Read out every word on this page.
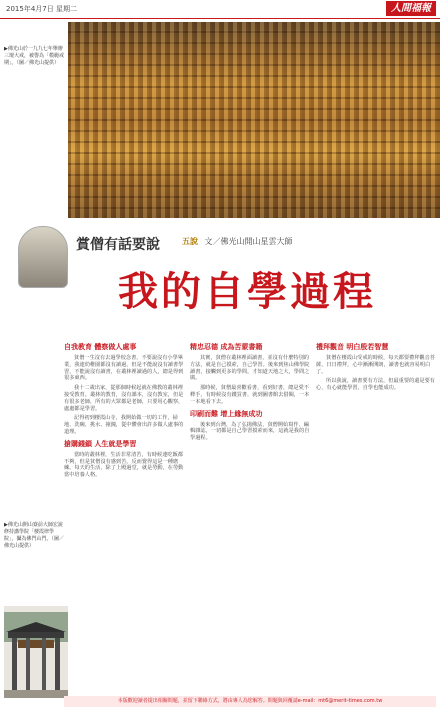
2015年4月7日 星期二	人間福報
▶佛光山於一九九七年舉辦三壇大戒，被譽為「模範戒期」。（圖／佛光山提供）
賞僧有話要說	五說 文／佛光山開山星雲大師
我的自學過程
▶佛光山開山寮前大師宏說修持講學院「棲霞律學院」，攝為佛門山門。（圖／佛光山提供）
自我教育 體察做人處事

貧僧一生沒有去過學校念書，不要說沒有小學畢業，我連幼稚園都沒有讀過，但是不能說沒有讀書學習，不能說沒有讀書，在叢林裡讀過的人，總是得到很多東西。

我十二歲出家，從那個時候起就在佛教的叢林裡接受教育。叢林的教育，沒有課本，沒有教室，但是有很多老師，所有的大眾都是老師，只要用心觀察，處處都是學習。

記得初到棲霞山寺，我開始做一切的工作，掃地、洗碗、挑水、撞鐘，從中體會出許多做人處事的道理。

搶購錢鎖 人生就是學習

當時的叢林裡，生活非常清苦，有時候連吃飯都不夠，但是貧僧沒有感到苦，反而覺得這是一種磨練。每天的生活，除了上殿過堂，就是勞動，在勞動當中培養人格。

精忠忍德 成為苦蒙書籍

其實，貧僧在叢林裡面讀書，並沒有什麼特別的方法，就是自己摸索，自己學習。後來到焦山佛學院讀書，接觸到更多的學問，才知道天地之大，學問之廣。

那時候，貧僧最喜歡看書，看到好書，總是愛不釋手，有時候沒有錢買書，就到圖書館去借閱，一本一本地看下去。

印刷而難 增上緣無成功

後來到台灣，為了弘揚佛法，貧僧開始寫作、編輯雜誌，一切都是自己學習摸索而來，這就是我的自學過程。

禮拜觀音 明白殷若智慧

貧僧在棲霞山受戒的時候，每天都要禮拜觀音菩薩，日日禮拜，心中漸漸開朗，讀書也就容易明白了。

所以我說，讀書要有方法，但最重要的還是要有心，有心就能學習，自學也能成功。

本版歡迎讀者提出相關問題，並留下聯絡方式，將由專人為您解答。問題與回覆請e-mail：mt6@merit-times.com.tw
